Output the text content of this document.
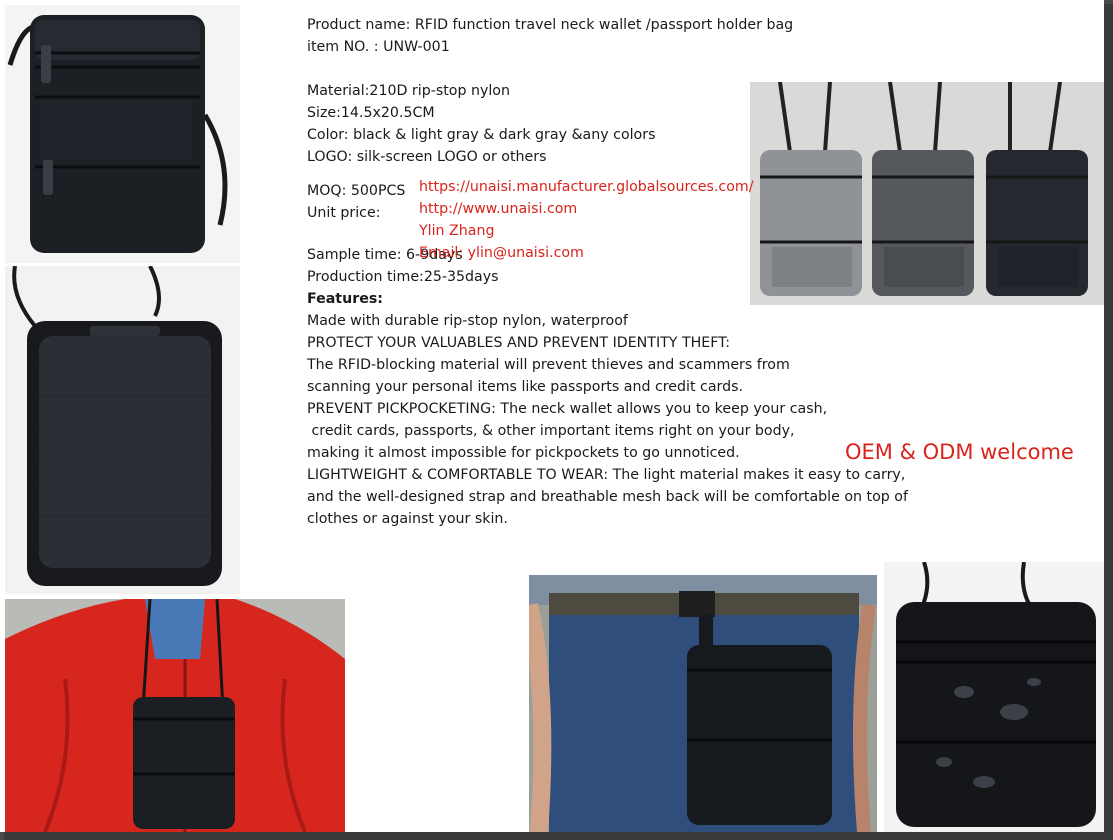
Product name: RFID function travel neck wallet /passport holder bag
item NO. : UNW-001
Material:210D rip-stop nylon
Size:14.5x20.5CM
Color: black & light gray & dark gray &any colors
LOGO: silk-screen LOGO or others
MOQ: 500PCS
Unit price:
Sample time: 6-9days
Production time:25-35days
Features:
Made with durable rip-stop nylon, waterproof
PROTECT YOUR VALUABLES AND PREVENT IDENTITY THEFT:
The RFID-blocking material will prevent thieves and scammers from
scanning your personal items like passports and credit cards.
PREVENT PICKPOCKETING: The neck wallet allows you to keep your cash,
credit cards, passports, & other important items right on your body,
making it almost impossible for pickpockets to go unnoticed.
LIGHTWEIGHT & COMFORTABLE TO WEAR: The light material makes it easy to carry,
and the well-designed strap and breathable mesh back will be comfortable on top of
clothes or against your skin.
https://unaisi.manufacturer.globalsources.com/
http://www.unaisi.com
Ylin Zhang
Email: ylin@unaisi.com
OEM & ODM welcome
